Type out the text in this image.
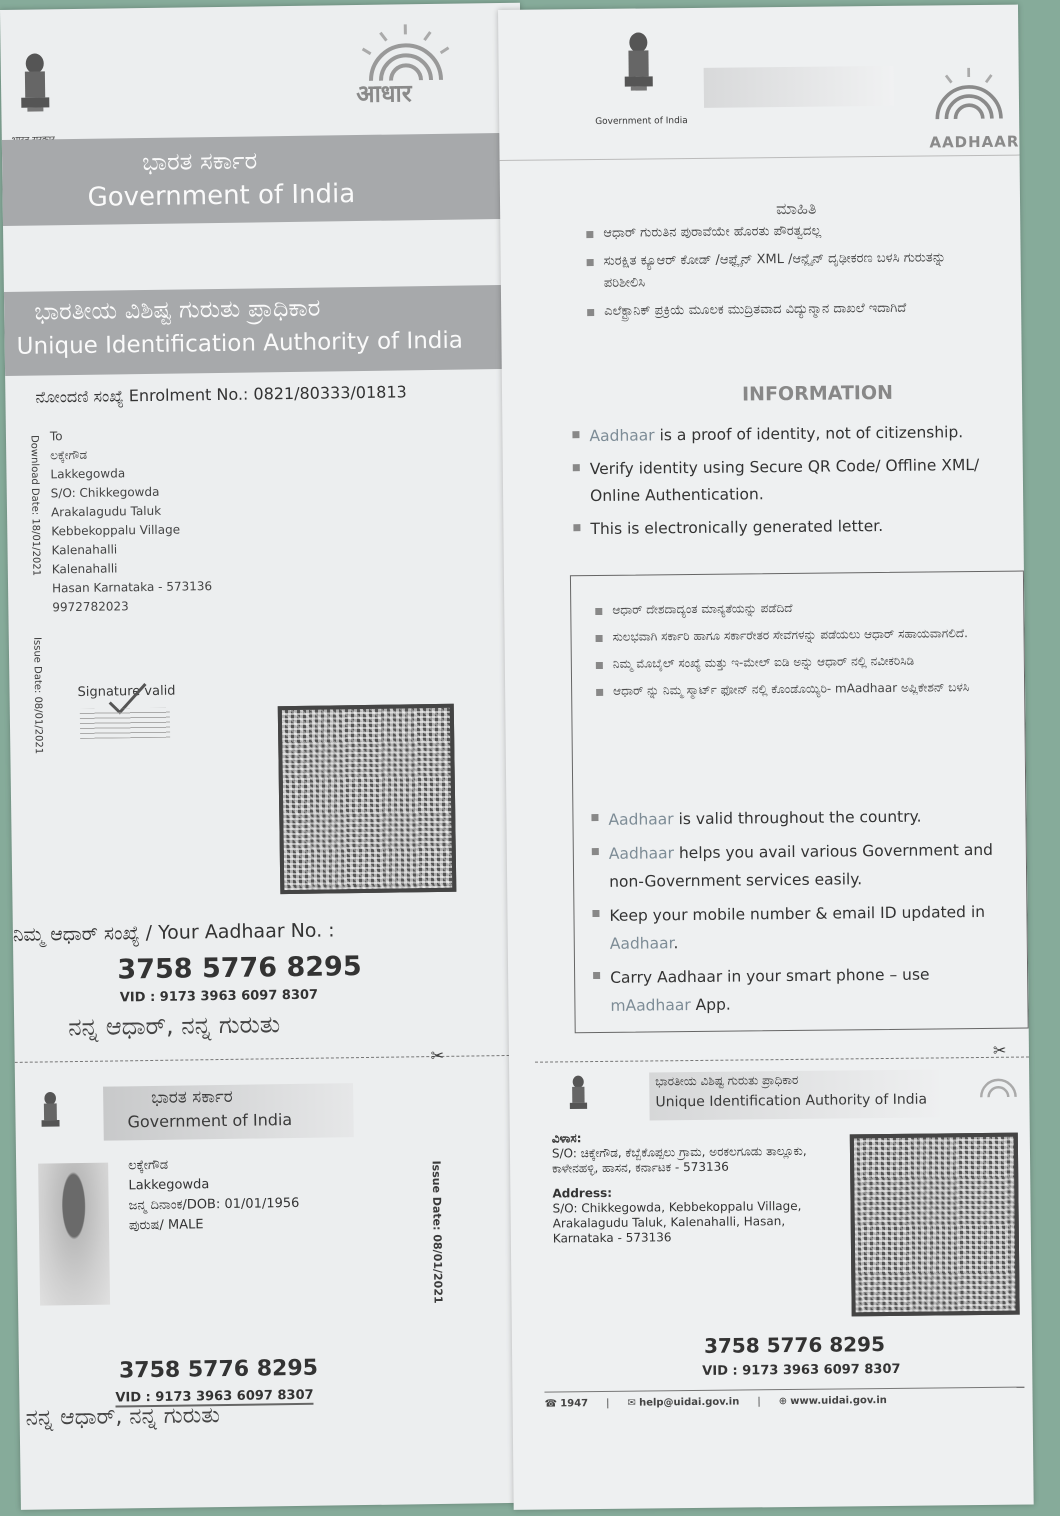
आधार
ಭಾರತ ಸರ್ಕಾರ
Government of India
ಭಾರತೀಯ ವಿಶಿಷ್ಟ ಗುರುತು ಪ್ರಾಧಿಕಾರ
Unique Identification Authority of India
ನೋಂದಣಿ ಸಂಖ್ಯೆ Enrolment No.: 0821/80333/01813
Download Date: 18/01/2021
Issue Date: 08/01/2021
To
ಲಕ್ಕೇಗೌಡ
Lakkegowda
S/O: Chikkegowda
Arakalagudu Taluk
Kebbekoppalu Village
Kalenahalli
Kalenahalli
Hasan Karnataka - 573136
9972782023
Signature valid
ನಿಮ್ಮ ಆಧಾರ್ ಸಂಖ್ಯೆ / Your Aadhaar No. :
3758 5776 8295
VID : 9173 3963 6097 8307
ನನ್ನ ಆಧಾರ್, ನನ್ನ ಗುರುತು
✂
ಭಾರತ ಸರ್ಕಾರ
Government of India
ಲಕ್ಕೇಗೌಡ
Lakkegowda
ಜನ್ಮ ದಿನಾಂಕ/DOB: 01/01/1956
ಪುರುಷ/ MALE	Issue Date: 08/01/2021
3758 5776 8295
VID : 9173 3963 6097 8307
ನನ್ನ ಆಧಾರ್, ನನ್ನ ಗುರುತು
Government of India
AADHAAR
ಮಾಹಿತಿ
ಆಧಾರ್ ಗುರುತಿನ ಪುರಾವೆಯೇ ಹೊರತು ಪೌರತ್ವದಲ್ಲ
ಸುರಕ್ಷಿತ ಕ್ಯೂಆರ್ ಕೋಡ್ /ಆಫ್ಲೈನ್ XML /ಆನ್ಲೈನ್ ದೃಢೀಕರಣ ಬಳಸಿ ಗುರುತನ್ನು ಪರಿಶೀಲಿಸಿ
ಎಲೆಕ್ಟ್ರಾನಿಕ್ ಪ್ರಕ್ರಿಯೆ ಮೂಲಕ ಮುದ್ರಿತವಾದ ವಿದ್ಯುನ್ಮಾನ ದಾಖಲೆ ಇದಾಗಿದೆ
INFORMATION
Aadhaar is a proof of identity, not of citizenship.
Verify identity using Secure QR Code/ Offline XML/ Online Authentication.
This is electronically generated letter.
ಆಧಾರ್ ದೇಶದಾದ್ಯಂತ ಮಾನ್ಯತೆಯನ್ನು ಪಡೆದಿದೆ
ಸುಲಭವಾಗಿ ಸರ್ಕಾರಿ ಹಾಗೂ ಸರ್ಕಾರೇತರ ಸೇವೆಗಳನ್ನು ಪಡೆಯಲು ಆಧಾರ್ ಸಹಾಯವಾಗಲಿದೆ.
ನಿಮ್ಮ ಮೊಬೈಲ್ ಸಂಖ್ಯೆ ಮತ್ತು ಇ-ಮೇಲ್ ಐಡಿ ಅನ್ನು ಆಧಾರ್ ನಲ್ಲಿ ನವೀಕರಿಸಿಡಿ
ಆಧಾರ್ ನ್ನು ನಿಮ್ಮ ಸ್ಮಾರ್ಟ್ ಫೋನ್ ನಲ್ಲಿ ಕೊಂಡೊಯ್ಯಿರಿ- mAadhaar ಅಪ್ಲಿಕೇಶನ್ ಬಳಸಿ
Aadhaar is valid throughout the country.
Aadhaar helps you avail various Government and non-Government services easily.
Keep your mobile number & email ID updated in Aadhaar.
Carry Aadhaar in your smart phone – use mAadhaar App.
✂
ಭಾರತೀಯ ವಿಶಿಷ್ಟ ಗುರುತು ಪ್ರಾಧಿಕಾರ
Unique Identification Authority of India
ವಿಳಾಸ:
S/O: ಚಿಕ್ಕೇಗೌಡ, ಕೆಬ್ಬೆಕೊಪ್ಪಲು ಗ್ರಾಮ, ಅರಕಲಗೂಡು ತಾಲ್ಲೂಕು, ಕಾಳೇನಹಳ್ಳಿ, ಹಾಸನ, ಕರ್ನಾಟಕ - 573136
Address:
S/O: Chikkegowda, Kebbekoppalu Village, Arakalagudu Taluk, Kalenahalli, Hasan, Karnataka - 573136
3758 5776 8295
VID : 9173 3963 6097 8307
☎ 1947 | ✉ help@uidai.gov.in | ⊕ www.uidai.gov.in
